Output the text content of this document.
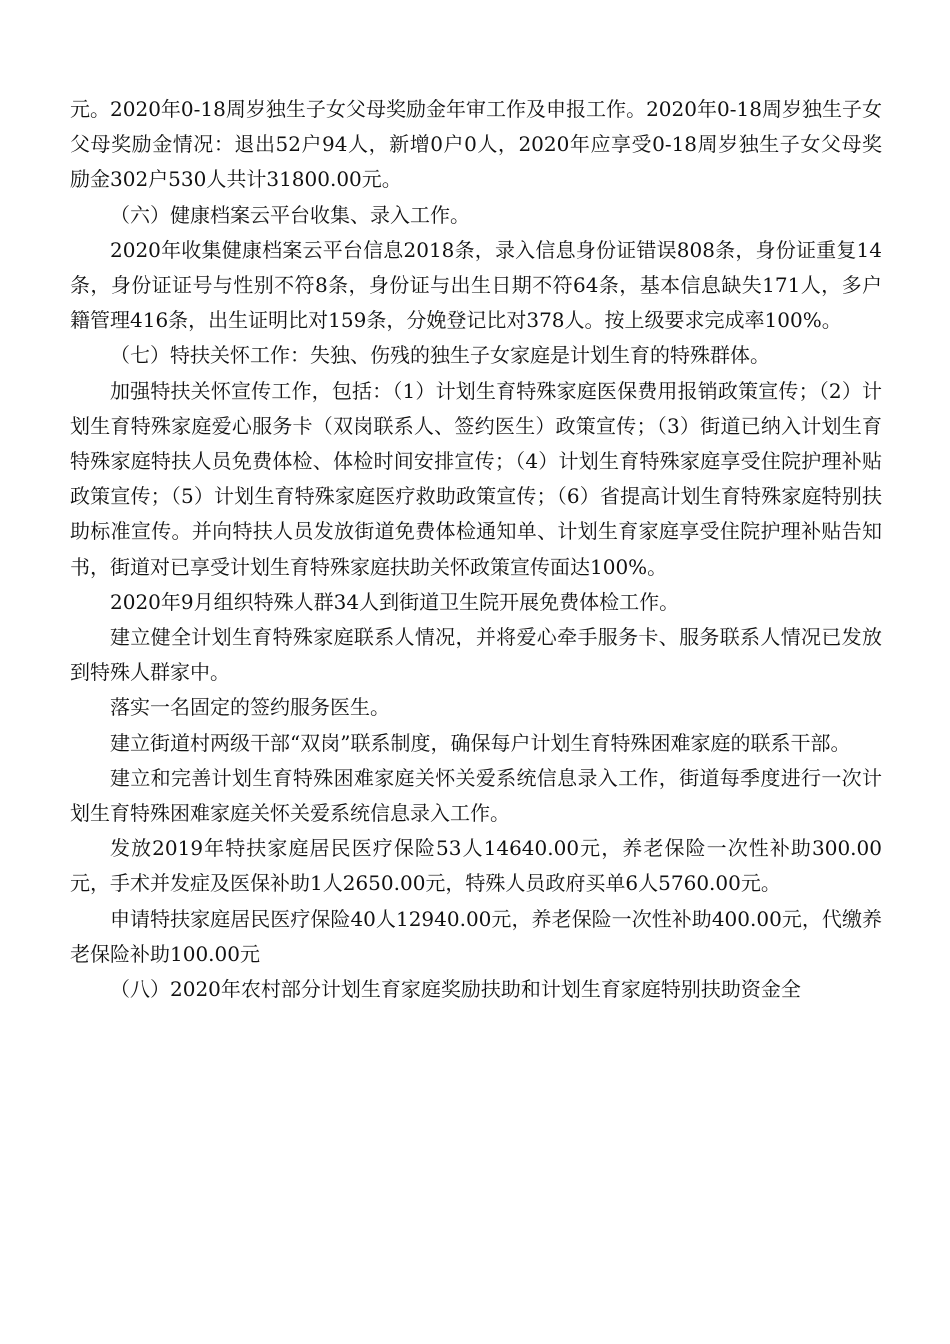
元。2020年0-18周岁独生子女父母奖励金年审工作及申报工作。2020年0-18周岁独生子女父母奖励金情况：退出52户94人，新增0户0人，2020年应享受0-18周岁独生子女父母奖励金302户530人共计31800.00元。

（六）健康档案云平台收集、录入工作。

2020年收集健康档案云平台信息2018条，录入信息身份证错误808条，身份证重复14条，身份证证号与性别不符8条，身份证与出生日期不符64条，基本信息缺失171人，多户籍管理416条，出生证明比对159条，分娩登记比对378人。按上级要求完成率100%。

（七）特扶关怀工作：失独、伤残的独生子女家庭是计划生育的特殊群体。

加强特扶关怀宣传工作，包括：（1）计划生育特殊家庭医保费用报销政策宣传；（2）计划生育特殊家庭爱心服务卡（双岗联系人、签约医生）政策宣传；（3）街道已纳入计划生育特殊家庭特扶人员免费体检、体检时间安排宣传；（4）计划生育特殊家庭享受住院护理补贴政策宣传；（5）计划生育特殊家庭医疗救助政策宣传；（6）省提高计划生育特殊家庭特别扶助标准宣传。并向特扶人员发放街道免费体检通知单、计划生育家庭享受住院护理补贴告知书，街道对已享受计划生育特殊家庭扶助关怀政策宣传面达100%。

2020年9月组织特殊人群34人到街道卫生院开展免费体检工作。

建立健全计划生育特殊家庭联系人情况，并将爱心牵手服务卡、服务联系人情况已发放到特殊人群家中。

落实一名固定的签约服务医生。

建立街道村两级干部“双岗”联系制度，确保每户计划生育特殊困难家庭的联系干部。

建立和完善计划生育特殊困难家庭关怀关爱系统信息录入工作，街道每季度进行一次计划生育特殊困难家庭关怀关爱系统信息录入工作。

发放2019年特扶家庭居民医疗保险53人14640.00元，养老保险一次性补助300.00元，手术并发症及医保补助1人2650.00元，特殊人员政府买单6人5760.00元。

申请特扶家庭居民医疗保险40人12940.00元，养老保险一次性补助400.00元，代缴养老保险补助100.00元

（八）2020年农村部分计划生育家庭奖励扶助和计划生育家庭特别扶助资金全
